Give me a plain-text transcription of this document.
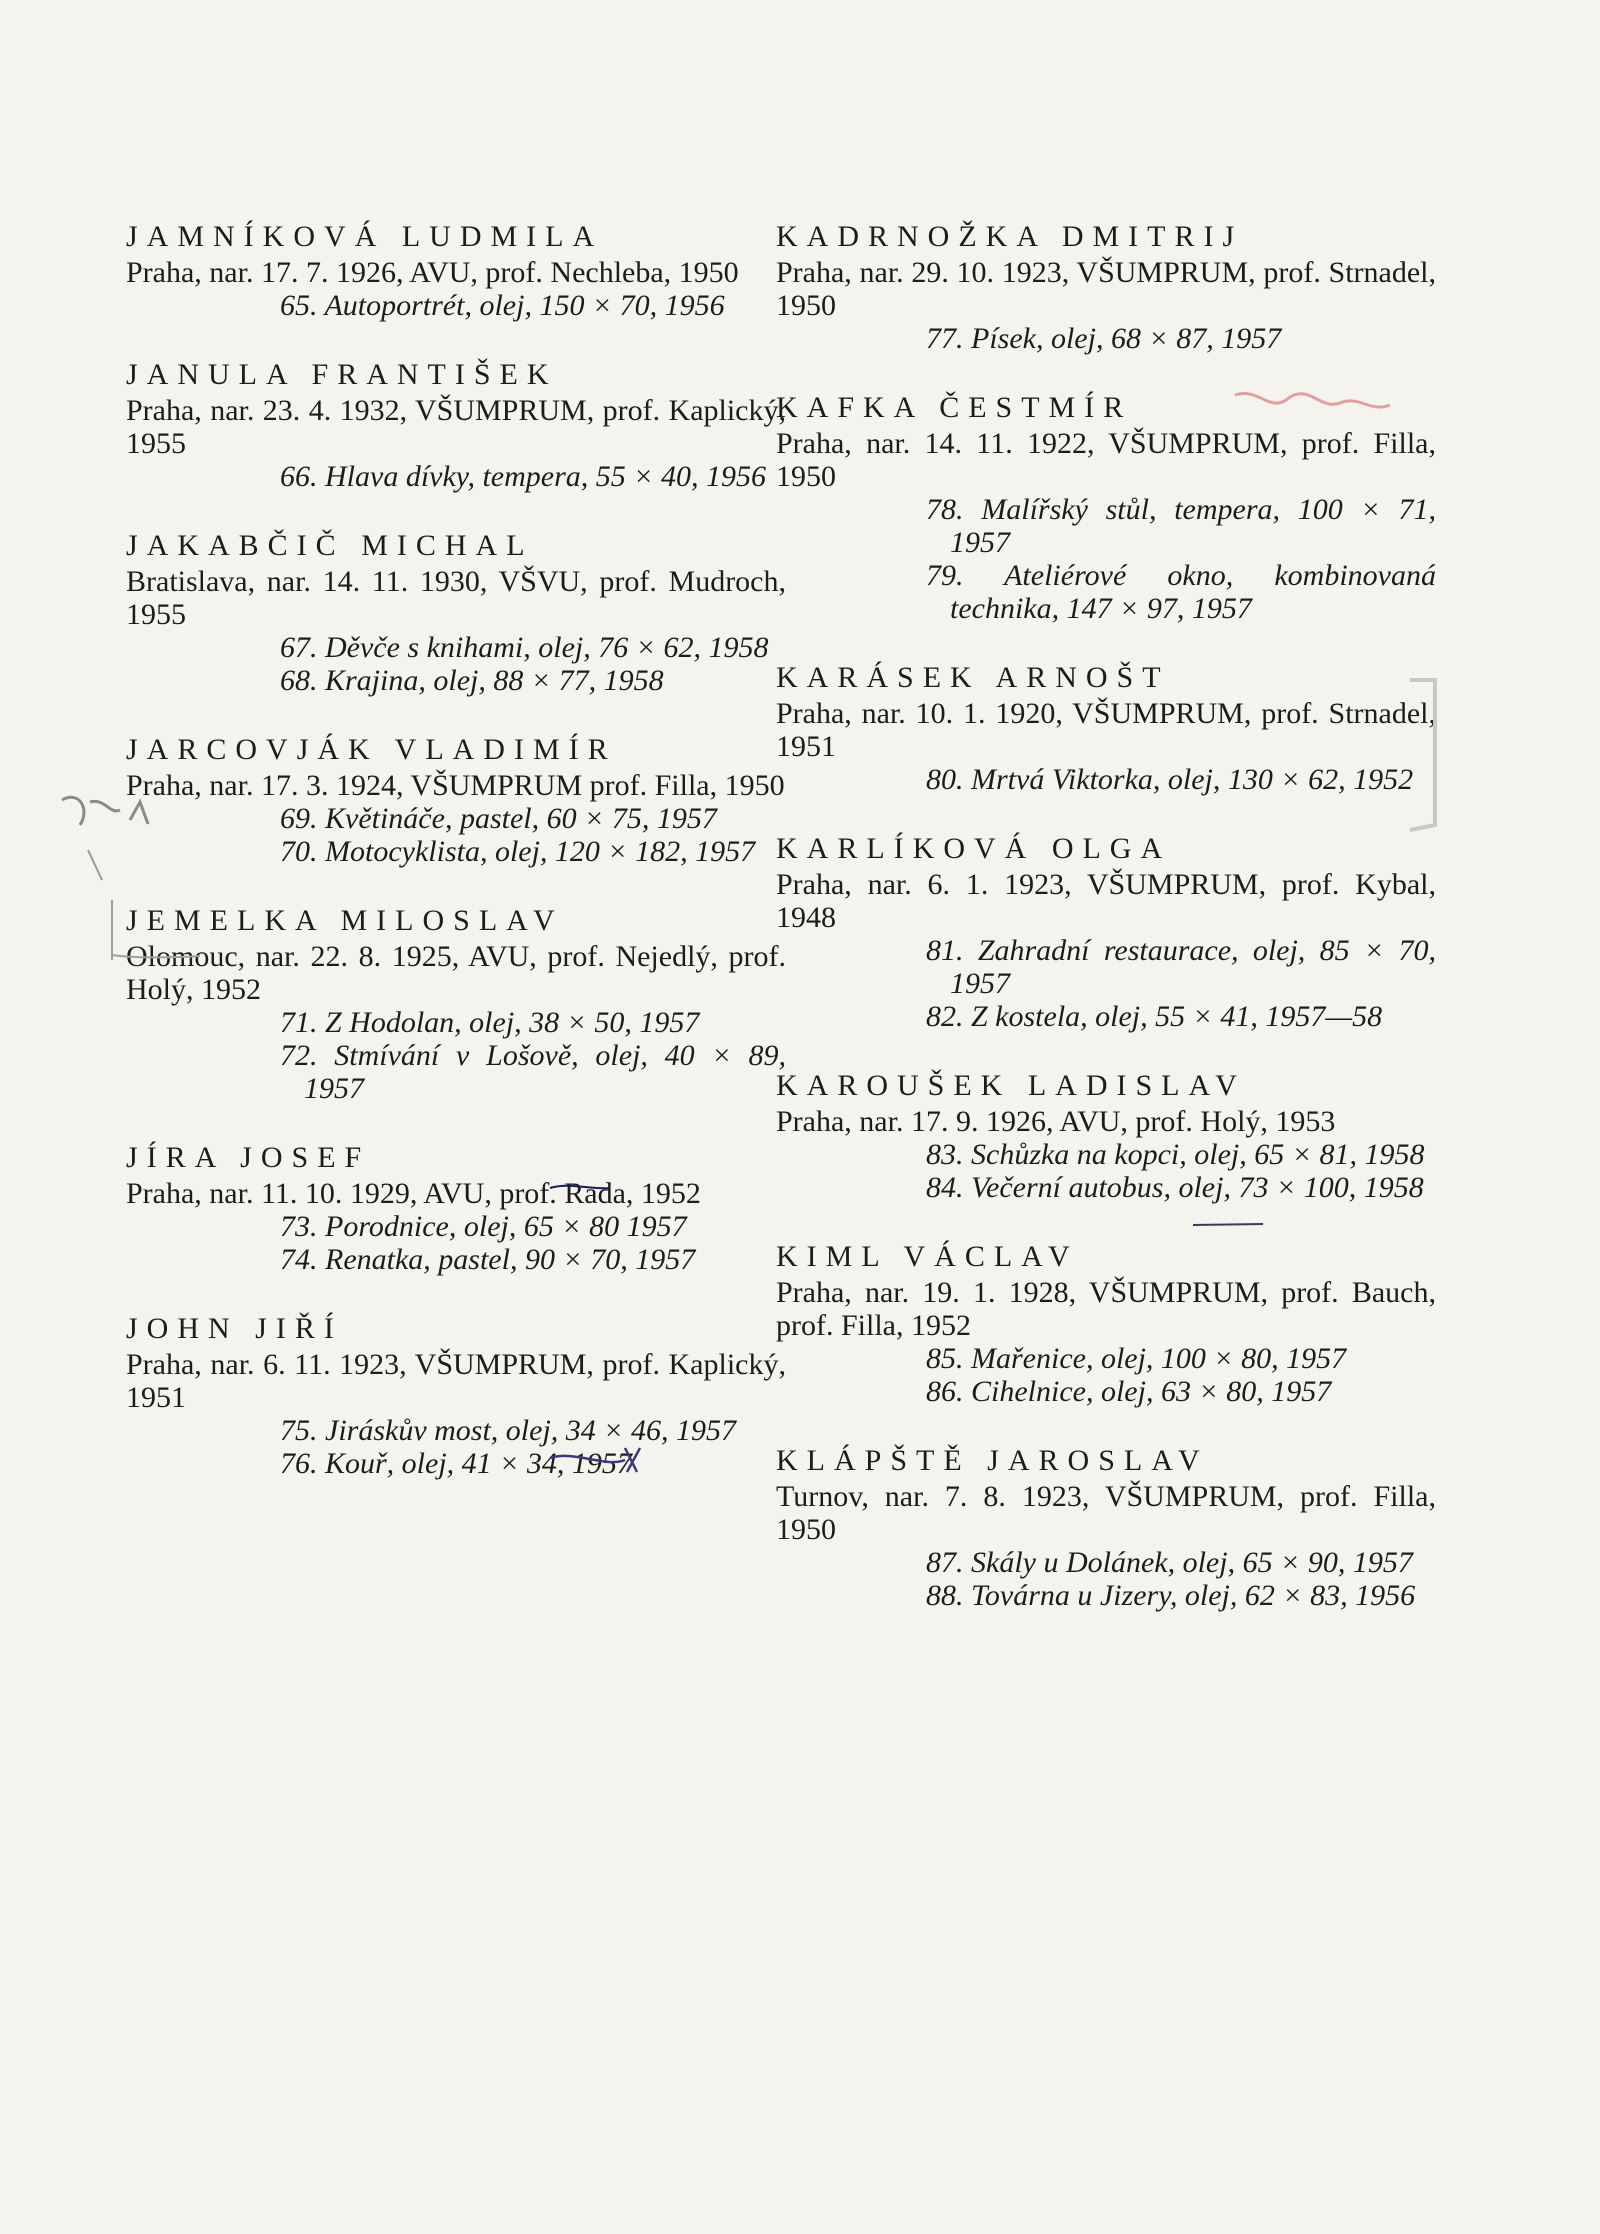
JAMNÍKOVÁ LUDMILA
Praha, nar. 17. 7. 1926, AVU, prof. Nechleba, 1950
65. Autoportrét, olej, 150 × 70, 1956
JANULA FRANTIŠEK
Praha, nar. 23. 4. 1932, VŠUMPRUM, prof. Kaplický, 1955
66. Hlava dívky, tempera, 55 × 40, 1956
JAKABČIČ MICHAL
Bratislava, nar. 14. 11. 1930, VŠVU, prof. Mudroch, 1955
67. Děvče s knihami, olej, 76 × 62, 1958
68. Krajina, olej, 88 × 77, 1958
JARCOVJÁK VLADIMÍR
Praha, nar. 17. 3. 1924, VŠUMPRUM prof. Filla, 1950
69. Květináče, pastel, 60 × 75, 1957
70. Motocyklista, olej, 120 × 182, 1957
JEMELKA MILOSLAV
Olomouc, nar. 22. 8. 1925, AVU, prof. Nejedlý, prof. Holý, 1952
71. Z Hodolan, olej, 38 × 50, 1957
72. Stmívání v Lošově, olej, 40 × 89, 1957
JÍRA JOSEF
Praha, nar. 11. 10. 1929, AVU, prof. Rada, 1952
73. Porodnice, olej, 65 × 80 1957
74. Renatka, pastel, 90 × 70, 1957
JOHN JIŘÍ
Praha, nar. 6. 11. 1923, VŠUMPRUM, prof. Kaplický, 1951
75. Jiráskův most, olej, 34 × 46, 1957
76. Kouř, olej, 41 × 34, 1957
KADRNOŽKA DMITRIJ
Praha, nar. 29. 10. 1923, VŠUMPRUM, prof. Strnadel, 1950
77. Písek, olej, 68 × 87, 1957
KAFKA ČESTMÍR
Praha, nar. 14. 11. 1922, VŠUMPRUM, prof. Filla, 1950
78. Malířský stůl, tempera, 100 × 71, 1957
79. Ateliérové okno, kombinovaná technika, 147 × 97, 1957
KARÁSEK ARNOŠT
Praha, nar. 10. 1. 1920, VŠUMPRUM, prof. Strnadel, 1951
80. Mrtvá Viktorka, olej, 130 × 62, 1952
KARLÍKOVÁ OLGA
Praha, nar. 6. 1. 1923, VŠUMPRUM, prof. Kybal, 1948
81. Zahradní restaurace, olej, 85 × 70, 1957
82. Z kostela, olej, 55 × 41, 1957—58
KAROUŠEK LADISLAV
Praha, nar. 17. 9. 1926, AVU, prof. Holý, 1953
83. Schůzka na kopci, olej, 65 × 81, 1958
84. Večerní autobus, olej, 73 × 100, 1958
KIML VÁCLAV
Praha, nar. 19. 1. 1928, VŠUMPRUM, prof. Bauch, prof. Filla, 1952
85. Mařenice, olej, 100 × 80, 1957
86. Cihelnice, olej, 63 × 80, 1957
KLÁPŠTĚ JAROSLAV
Turnov, nar. 7. 8. 1923, VŠUMPRUM, prof. Filla, 1950
87. Skály u Dolánek, olej, 65 × 90, 1957
88. Továrna u Jizery, olej, 62 × 83, 1956
